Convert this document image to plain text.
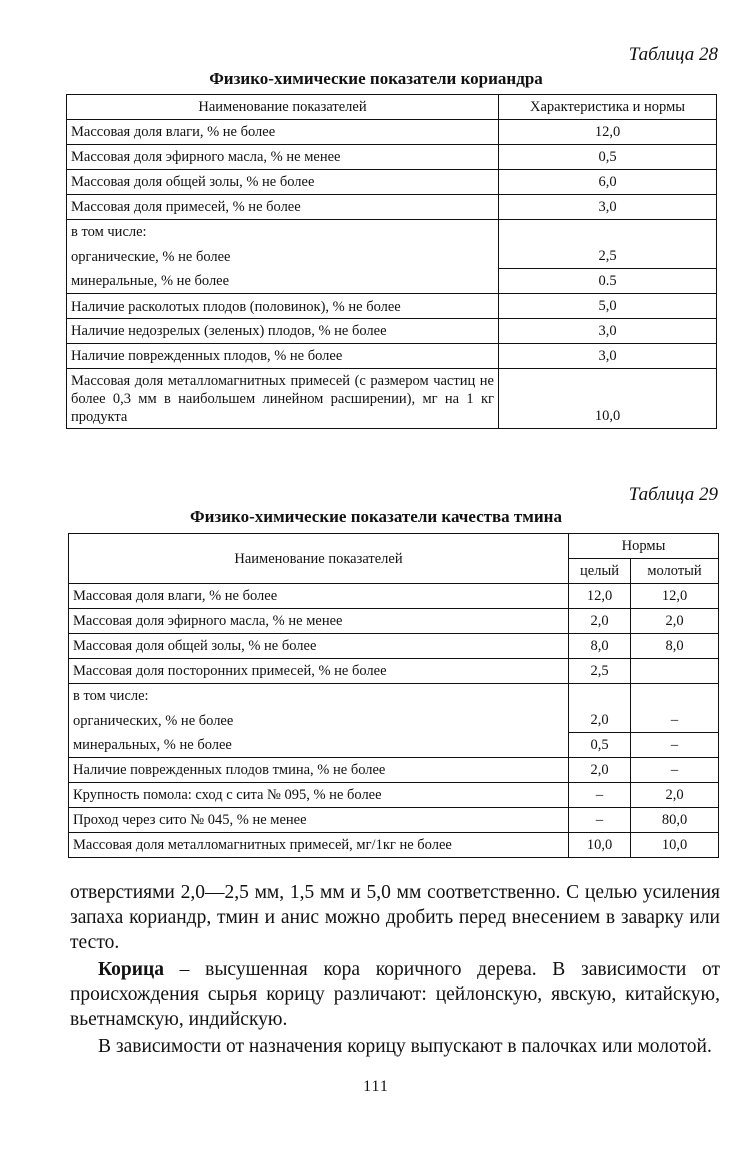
Таблица 28
Физико-химические показатели кориандра
Наименование показателей	Характеристика и нормы
Массовая доля влаги, % не более	12,0
Массовая доля эфирного масла, % не менее	0,5
Массовая доля общей золы, % не более	6,0
Массовая доля примесей, % не более	3,0
в том числе:	
органические, % не более	2,5
минеральные, % не более	0.5
Наличие расколотых плодов (половинок), % не более	5,0
Наличие недозрелых (зеленых) плодов, % не более	3,0
Наличие поврежденных плодов, % не более	3,0
Массовая доля металломагнитных примесей (с размером частиц не более 0,3 мм в наибольшем линейном расширении), мг на 1 кг продукта	10,0
Таблица 29
Физико-химические показатели качества тмина
Наименование показателей	Нормы	
	целый	молотый
Массовая доля влаги, % не более	12,0	12,0
Массовая доля эфирного масла, % не менее	2,0	2,0
Массовая доля общей золы, % не более	8,0	8,0
Массовая доля посторонних примесей, % не более	2,5	
в том числе:		
органических, % не более	2,0	–
минеральных, % не более	0,5	–
Наличие поврежденных плодов тмина, % не более	2,0	–
Крупность помола: сход с сита № 095, % не более	–	2,0
Проход через сито № 045, % не менее	–	80,0
Массовая доля металломагнитных примесей, мг/1кг не более	10,0	10,0

отверстиями 2,0—2,5 мм, 1,5 мм и 5,0 мм соответственно. С целью усиления запаха кориандр, тмин и анис можно дробить перед внесением в заварку или тесто.

Корица – высушенная кора коричного дерева. В зависимости от происхождения сырья корицу различают: цейлонскую, явскую, китайскую, вьетнамскую, индийскую.

В зависимости от назначения корицу выпускают в палочках или молотой.

111
